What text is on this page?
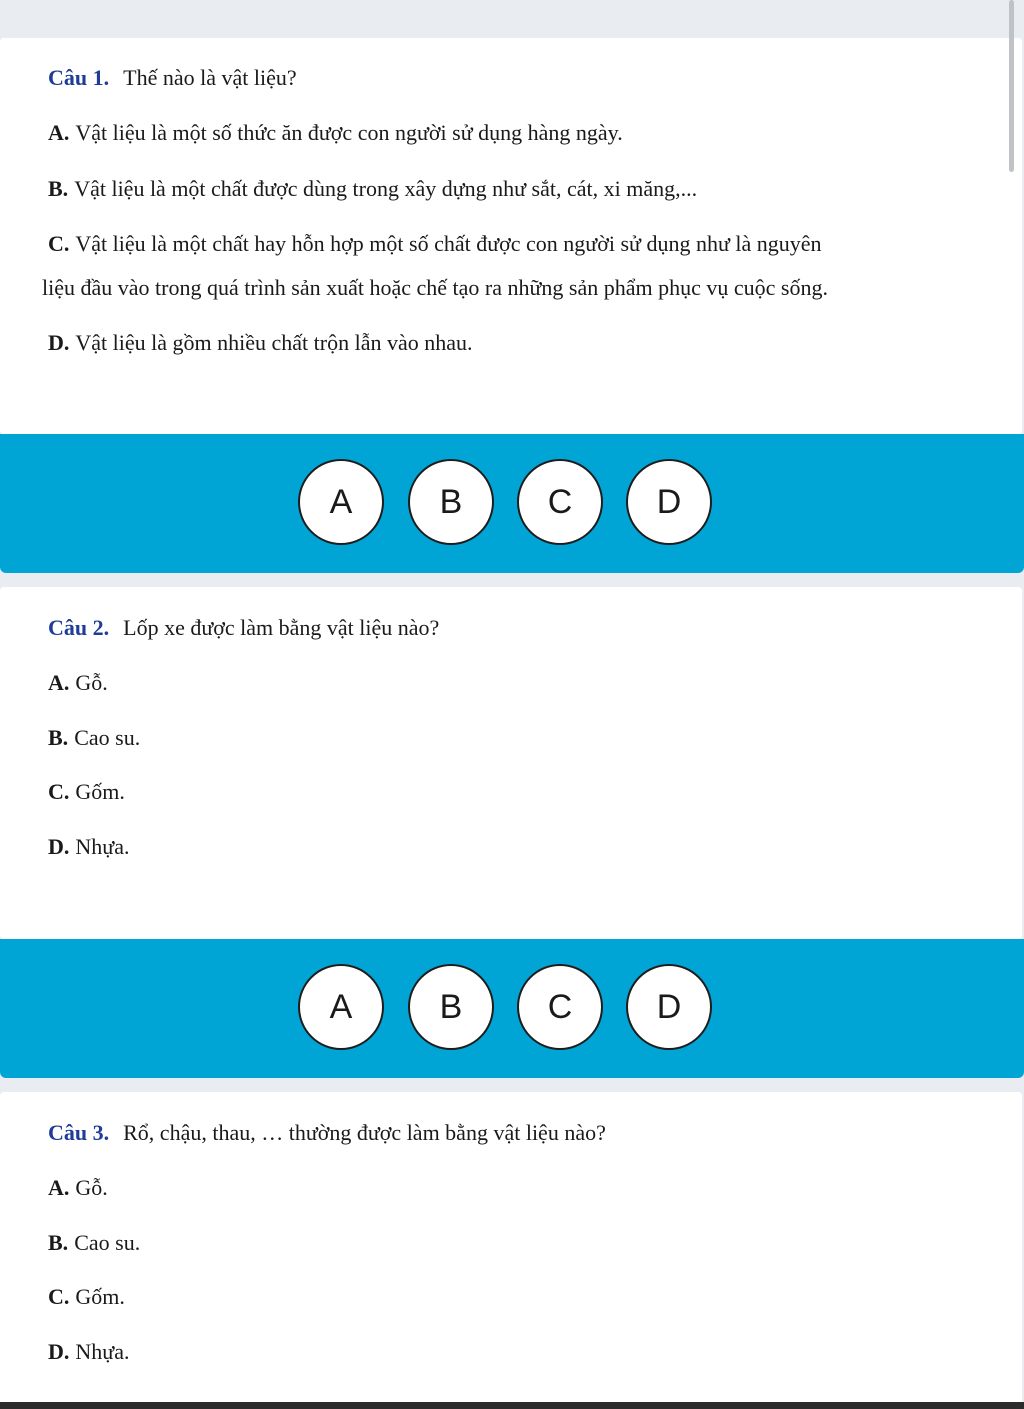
Câu 1. Thế nào là vật liệu?
A. Vật liệu là một số thức ăn được con người sử dụng hàng ngày.
B. Vật liệu là một chất được dùng trong xây dựng như sắt, cát, xi măng,...
C. Vật liệu là một chất hay hỗn hợp một số chất được con người sử dụng như là nguyên
liệu đầu vào trong quá trình sản xuất hoặc chế tạo ra những sản phẩm phục vụ cuộc sống.
D. Vật liệu là gồm nhiều chất trộn lẫn vào nhau.
A	B	C	D
Câu 2. Lốp xe được làm bằng vật liệu nào?
A. Gỗ.
B. Cao su.
C. Gốm.
D. Nhựa.
A	B	C	D
Câu 3. Rổ, chậu, thau, … thường được làm bằng vật liệu nào?
A. Gỗ.
B. Cao su.
C. Gốm.
D. Nhựa.
